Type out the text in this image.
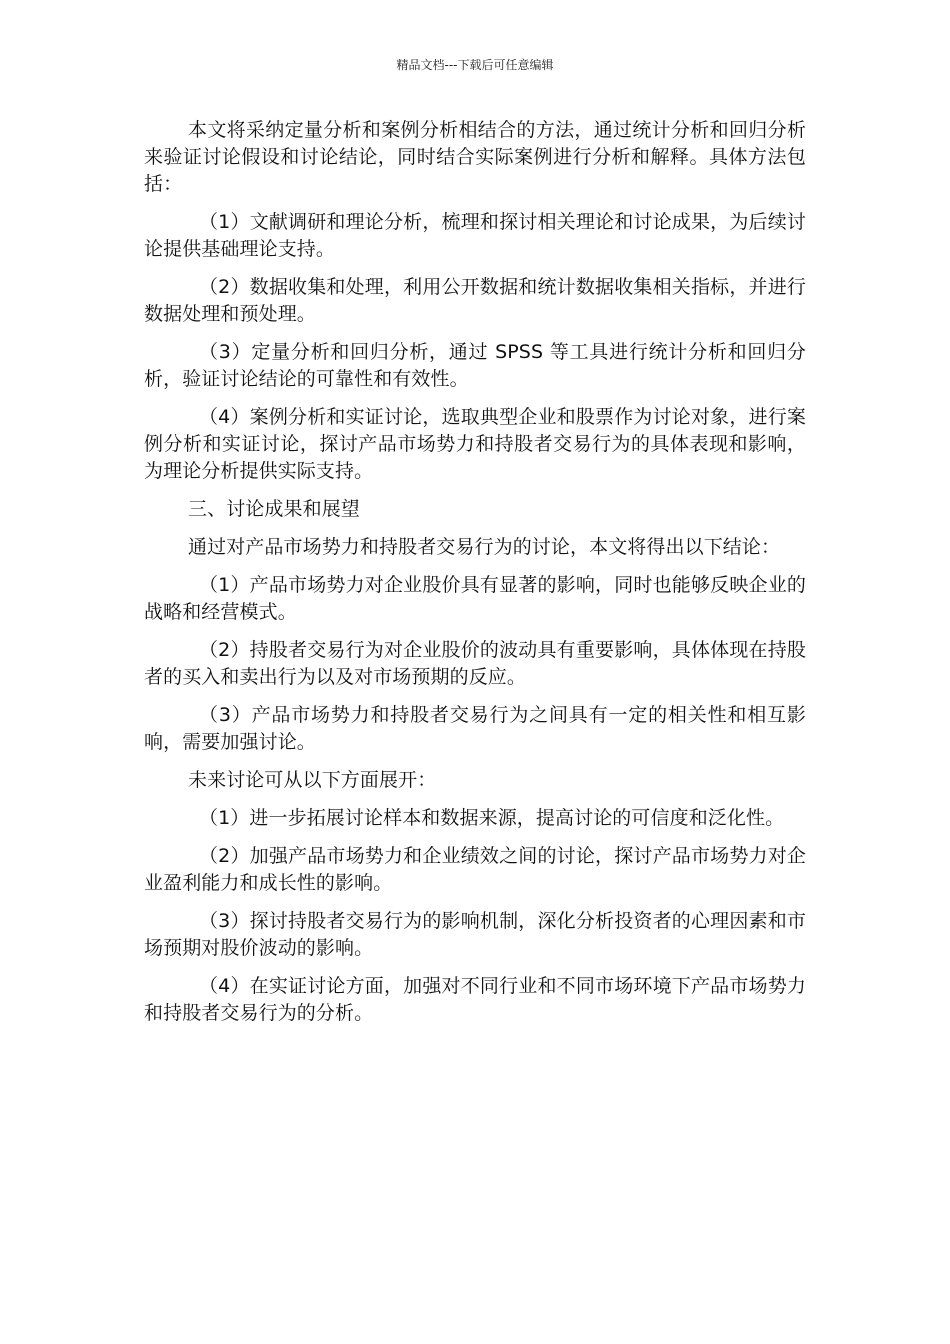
精品文档---下载后可任意编辑

本文将采纳定量分析和案例分析相结合的方法，通过统计分析和回归分析来验证讨论假设和讨论结论，同时结合实际案例进行分析和解释。具体方法包括：

（1）文献调研和理论分析，梳理和探讨相关理论和讨论成果，为后续讨论提供基础理论支持。

（2）数据收集和处理，利用公开数据和统计数据收集相关指标，并进行数据处理和预处理。

（3）定量分析和回归分析，通过 SPSS 等工具进行统计分析和回归分析，验证讨论结论的可靠性和有效性。

（4）案例分析和实证讨论，选取典型企业和股票作为讨论对象，进行案例分析和实证讨论，探讨产品市场势力和持股者交易行为的具体表现和影响，为理论分析提供实际支持。

三、讨论成果和展望

通过对产品市场势力和持股者交易行为的讨论，本文将得出以下结论：

（1）产品市场势力对企业股价具有显著的影响，同时也能够反映企业的战略和经营模式。

（2）持股者交易行为对企业股价的波动具有重要影响，具体体现在持股者的买入和卖出行为以及对市场预期的反应。

（3）产品市场势力和持股者交易行为之间具有一定的相关性和相互影响，需要加强讨论。

未来讨论可从以下方面展开：

（1）进一步拓展讨论样本和数据来源，提高讨论的可信度和泛化性。

（2）加强产品市场势力和企业绩效之间的讨论，探讨产品市场势力对企业盈利能力和成长性的影响。

（3）探讨持股者交易行为的影响机制，深化分析投资者的心理因素和市场预期对股价波动的影响。

（4）在实证讨论方面，加强对不同行业和不同市场环境下产品市场势力和持股者交易行为的分析。
